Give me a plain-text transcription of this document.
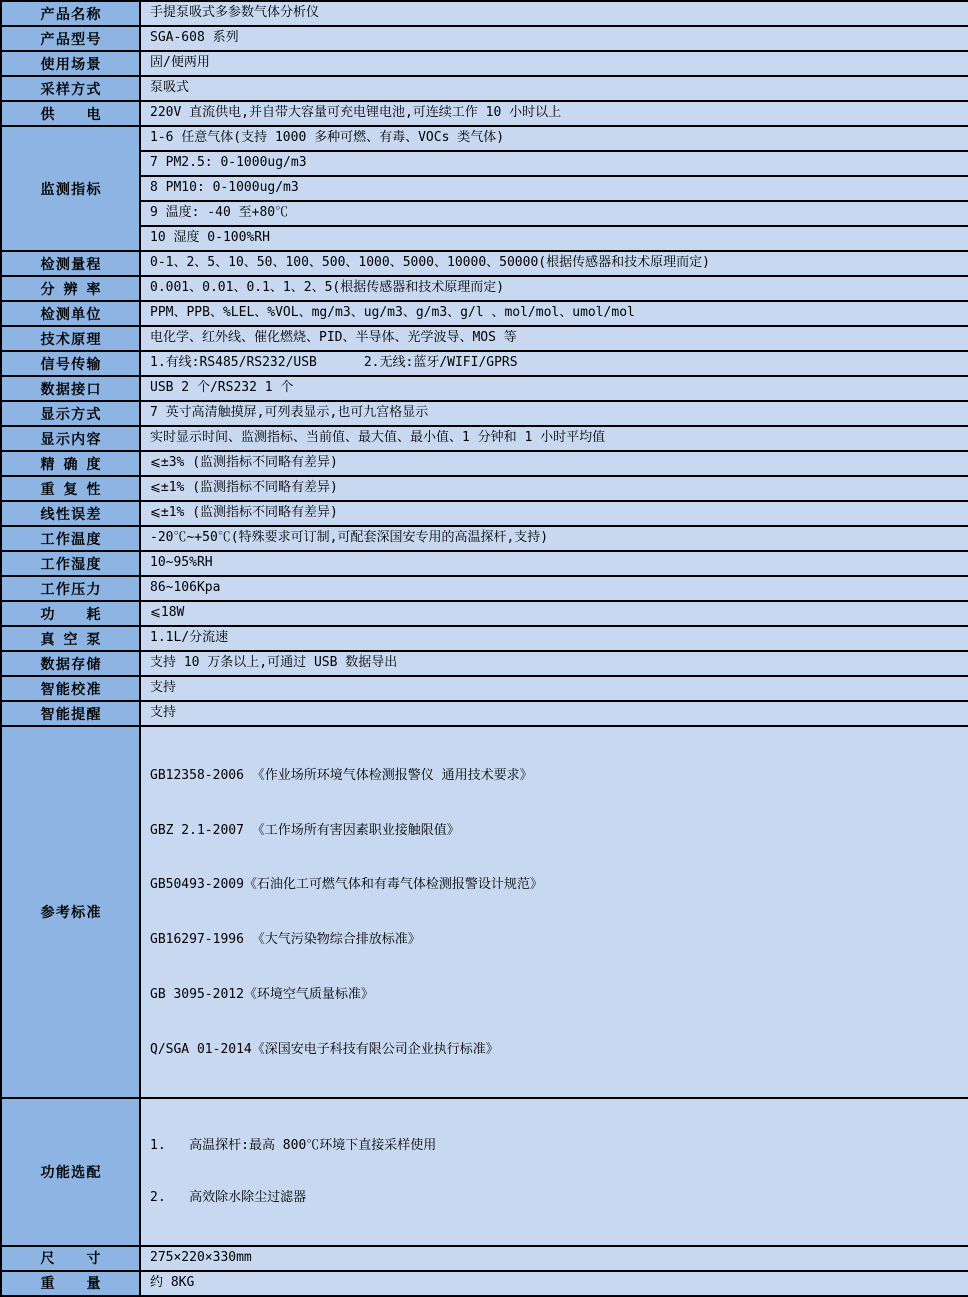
产品名称	手提泵吸式多参数气体分析仪
产品型号	SGA-608 系列
使用场景	固/便两用
采样方式	泵吸式
供电	220V 直流供电,并自带大容量可充电锂电池,可连续工作 10 小时以上
监测指标	1-6 任意气体(支持 1000 多种可燃、有毒、VOCs 类气体)
	7 PM2.5: 0-1000ug/m3
	8 PM10: 0-1000ug/m3
	9 温度: -40 至+80℃
	10 湿度 0-100%RH
检测量程	0-1、2、5、10、50、100、500、1000、5000、10000、50000(根据传感器和技术原理而定)
分辨率	0.001、0.01、0.1、1、2、5(根据传感器和技术原理而定)
检测单位	PPM、PPB、%LEL、%VOL、mg/m3、ug/m3、g/m3、g/l 、mol/mol、umol/mol
技术原理	电化学、红外线、催化燃烧、PID、半导体、光学波导、MOS 等
信号传输	1.有线:RS485/RS232/USB      2.无线:蓝牙/WIFI/GPRS
数据接口	USB 2 个/RS232 1 个
显示方式	7 英寸高清触摸屏,可列表显示,也可九宫格显示
显示内容	实时显示时间、监测指标、当前值、最大值、最小值、1 分钟和 1 小时平均值
精确度	⩽±3% (监测指标不同略有差异)
重复性	⩽±1% (监测指标不同略有差异)
线性误差	⩽±1% (监测指标不同略有差异)
工作温度	-20℃~+50℃(特殊要求可订制,可配套深国安专用的高温探杆,支持)
工作湿度	10~95%RH
工作压力	86~106Kpa
功耗	⩽18W
真空泵	1.1L/分流速
数据存储	支持 10 万条以上,可通过 USB 数据导出
智能校准	支持
智能提醒	支持
参考标准	

GB12358-2006 《作业场所环境气体检测报警仪 通用技术要求》

GBZ 2.1-2007 《工作场所有害因素职业接触限值》

GB50493-2009《石油化工可燃气体和有毒气体检测报警设计规范》

GB16297-1996 《大气污染物综合排放标准》

GB 3095-2012《环境空气质量标准》

Q/SGA 01-2014《深国安电子科技有限公司企业执行标准》

功能选配	1.   高温探杆:最高 800℃环境下直接采样使用

2.   高效除水除尘过滤器

尺寸	275×220×330mm
重量	约 8KG
